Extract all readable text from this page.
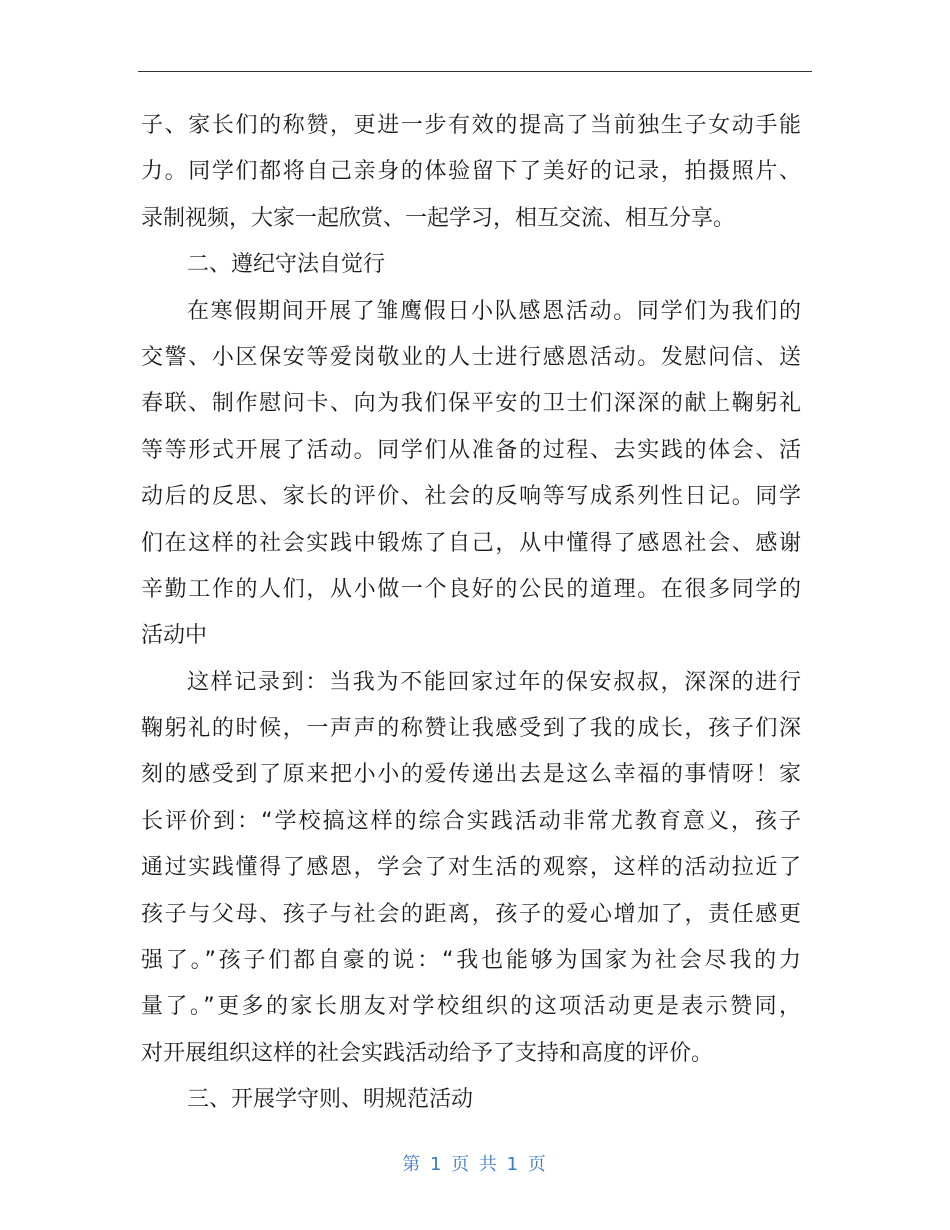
子、家长们的称赞，更进一步有效的提高了当前独生子女动手能
力。同学们都将自己亲身的体验留下了美好的记录，拍摄照片、
录制视频，大家一起欣赏、一起学习，相互交流、相互分享。
二、遵纪守法自觉行
在寒假期间开展了雏鹰假日小队感恩活动。同学们为我们的
交警、小区保安等爱岗敬业的人士进行感恩活动。发慰问信、送
春联、制作慰问卡、向为我们保平安的卫士们深深的献上鞠躬礼
等等形式开展了活动。同学们从准备的过程、去实践的体会、活
动后的反思、家长的评价、社会的反响等写成系列性日记。同学
们在这样的社会实践中锻炼了自己，从中懂得了感恩社会、感谢
辛勤工作的人们，从小做一个良好的公民的道理。在很多同学的
活动中
这样记录到：当我为不能回家过年的保安叔叔，深深的进行
鞠躬礼的时候，一声声的称赞让我感受到了我的成长，孩子们深
刻的感受到了原来把小小的爱传递出去是这么幸福的事情呀！家
长评价到：“学校搞这样的综合实践活动非常尤教育意义，孩子
通过实践懂得了感恩，学会了对生活的观察，这样的活动拉近了
孩子与父母、孩子与社会的距离，孩子的爱心增加了，责任感更
强了。”孩子们都自豪的说：“我也能够为国家为社会尽我的力
量了。”更多的家长朋友对学校组织的这项活动更是表示赞同，
对开展组织这样的社会实践活动给予了支持和高度的评价。
三、开展学守则、明规范活动
第 1 页 共 1 页
